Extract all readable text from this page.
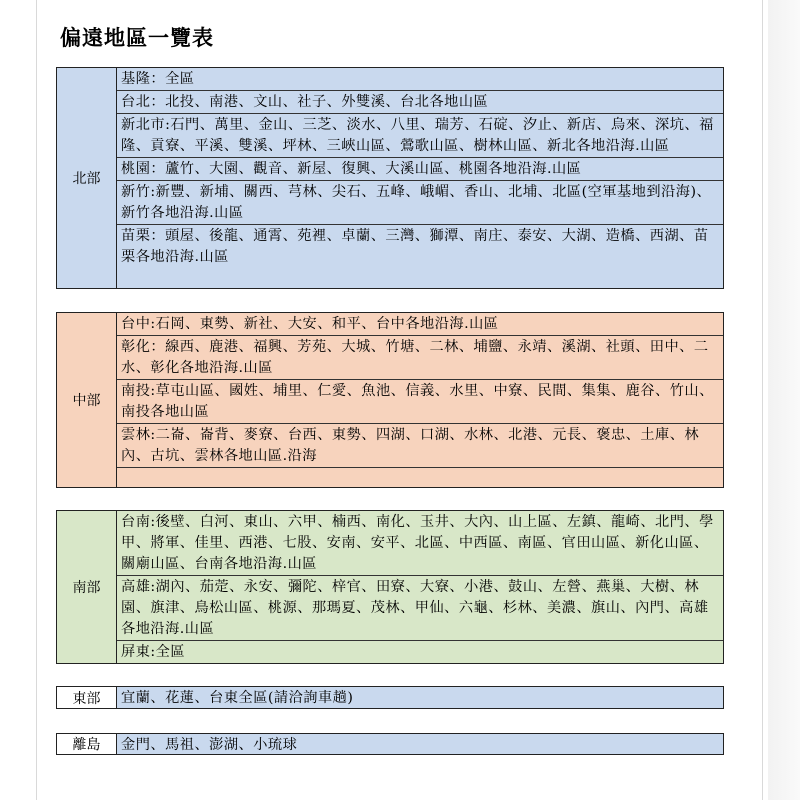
偏遠地區一覽表
北部
基隆：全區
台北：北投、南港、文山、社子、外雙溪、台北各地山區
新北市:石門、萬里、金山、三芝、淡水、八里、瑞芳、石碇、汐止、新店、烏來、深坑、福隆、貢寮、平溪、雙溪、坪林、三峽山區、鶯歌山區、樹林山區、新北各地沿海.山區
桃園：蘆竹、大園、觀音、新屋、復興、大溪山區、桃園各地沿海.山區
新竹:新豐、新埔、關西、芎林、尖石、五峰、峨嵋、香山、北埔、北區(空軍基地到沿海)、新竹各地沿海.山區
苗栗：頭屋、後龍、通霄、苑裡、卓蘭、三灣、獅潭、南庄、泰安、大湖、造橋、西湖、苗栗各地沿海.山區
中部
台中:石岡、東勢、新社、大安、和平、台中各地沿海.山區
彰化：線西、鹿港、福興、芳苑、大城、竹塘、二林、埔鹽、永靖、溪湖、社頭、田中、二水、彰化各地沿海.山區
南投:草屯山區、國姓、埔里、仁愛、魚池、信義、水里、中寮、民間、集集、鹿谷、竹山、南投各地山區
雲林:二崙、崙背、麥寮、台西、東勢、四湖、口湖、水林、北港、元長、褒忠、土庫、林內、古坑、雲林各地山區.沿海
南部
台南:後壁、白河、東山、六甲、楠西、南化、玉井、大內、山上區、左鎮、龍崎、北門、學甲、將軍、佳里、西港、七股、安南、安平、北區、中西區、南區、官田山區、新化山區、關廟山區、台南各地沿海.山區
高雄:湖內、茄萣、永安、彌陀、梓官、田寮、大寮、小港、鼓山、左營、燕巢、大樹、林園、旗津、鳥松山區、桃源、那瑪夏、茂林、甲仙、六龜、杉林、美濃、旗山、內門、高雄各地沿海.山區
屏東:全區
東部	宜蘭、花蓮、台東全區(請洽詢車趟)
離島	金門、馬祖、澎湖、小琉球
